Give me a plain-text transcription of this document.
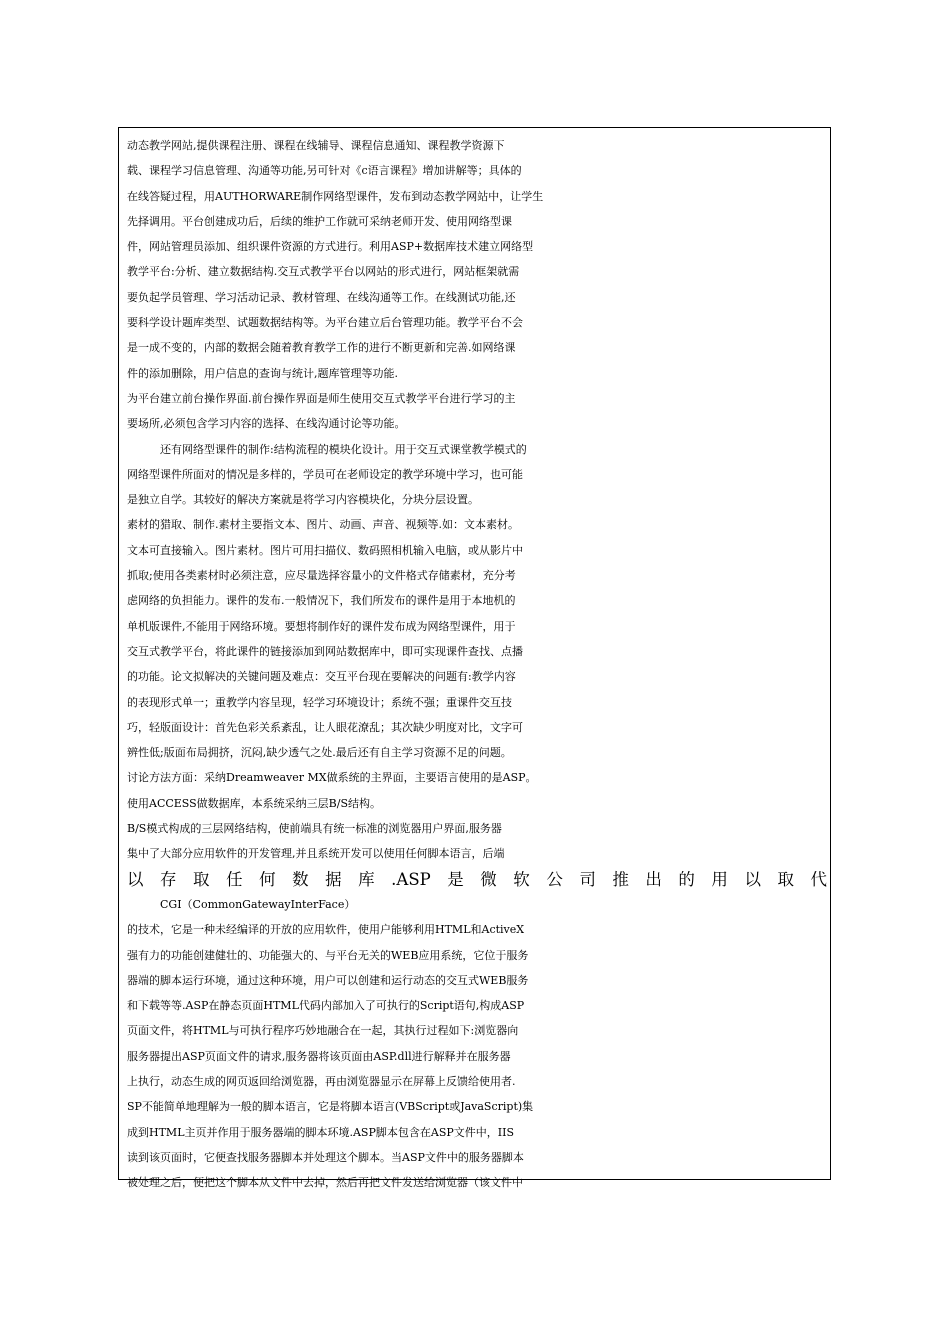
动态教学网站,提供课程注册、课程在线辅导、课程信息通知、课程教学资源下
载、课程学习信息管理、沟通等功能,另可针对《c语言课程》增加讲解等；具体的
在线答疑过程，用AUTHORWARE制作网络型课件，发布到动态教学网站中，让学生
先择调用。平台创建成功后，后续的维护工作就可采纳老师开发、使用网络型课
件，网站管理员添加、组织课件资源的方式进行。利用ASP+数据库技术建立网络型
教学平台:分析、建立数据结构.交互式教学平台以网站的形式进行，网站框架就需
要负起学员管理、学习活动记录、教材管理、在线沟通等工作。在线测试功能,还
要科学设计题库类型、试题数据结构等。为平台建立后台管理功能。教学平台不会
是一成不变的，内部的数据会随着教育教学工作的进行不断更新和完善.如网络课
件的添加删除，用户信息的查询与统计,题库管理等功能.
为平台建立前台操作界面.前台操作界面是师生使用交互式教学平台进行学习的主
要场所,必须包含学习内容的选择、在线沟通讨论等功能。
还有网络型课件的制作:结构流程的模块化设计。用于交互式课堂教学模式的
网络型课件所面对的情况是多样的，学员可在老师设定的教学环境中学习，也可能
是独立自学。其较好的解决方案就是将学习内容模块化，分块分层设置。
素材的猎取、制作.素材主要指文本、图片、动画、声音、视频等.如：文本素材。
文本可直接输入。图片素材。图片可用扫描仪、数码照相机输入电脑，或从影片中
抓取;使用各类素材时必须注意，应尽量选择容量小的文件格式存储素材，充分考
虑网络的负担能力。课件的发布.一般情况下，我们所发布的课件是用于本地机的
单机版课件,不能用于网络环境。要想将制作好的课件发布成为网络型课件，用于
交互式教学平台，将此课件的链接添加到网站数据库中，即可实现课件查找、点播
的功能。论文拟解决的关键问题及难点：交互平台现在要解决的问题有:教学内容
的表现形式单一；重教学内容呈现，轻学习环境设计；系统不强；重课件交互技
巧，轻版面设计：首先色彩关系紊乱，让人眼花潦乱；其次缺少明度对比，文字可
辨性低;版面布局拥挤，沉闷,缺少透气之处.最后还有自主学习资源不足的问题。
讨论方法方面：采纳Dreamweaver MX做系统的主界面，主要语言使用的是ASP。
使用ACCESS做数据库，本系统采纳三层B/S结构。
B/S模式构成的三层网络结构，使前端具有统一标准的浏览器用户界面,服务器
集中了大部分应用软件的开发管理,并且系统开发可以使用任何脚本语言，后端
以存取任何数据库.ASP是微软公司推出的用以取代
CGI（CommonGatewayInterFace）
的技术，它是一种未经编译的开放的应用软件，使用户能够利用HTML和ActiveX
强有力的功能创建健壮的、功能强大的、与平台无关的WEB应用系统，它位于服务
器端的脚本运行环境，通过这种环境，用户可以创建和运行动态的交互式WEB服务
和下载等等.ASP在静态页面HTML代码内部加入了可执行的Script语句,构成ASP
页面文件，将HTML与可执行程序巧妙地融合在一起，其执行过程如下:浏览器向
服务器提出ASP页面文件的请求,服务器将该页面由ASP.dll进行解释并在服务器
上执行，动态生成的网页返回给浏览器，再由浏览器显示在屏幕上反馈给使用者.
SP不能简单地理解为一般的脚本语言，它是将脚本语言(VBScript或JavaScript)集
成到HTML主页并作用于服务器端的脚本环境.ASP脚本包含在ASP文件中，IIS
读到该页面时，它便查找服务器脚本并处理这个脚本。当ASP文件中的服务器脚本
被处理之后，便把这个脚本从文件中去掉，然后再把文件发送给浏览器（该文件中
